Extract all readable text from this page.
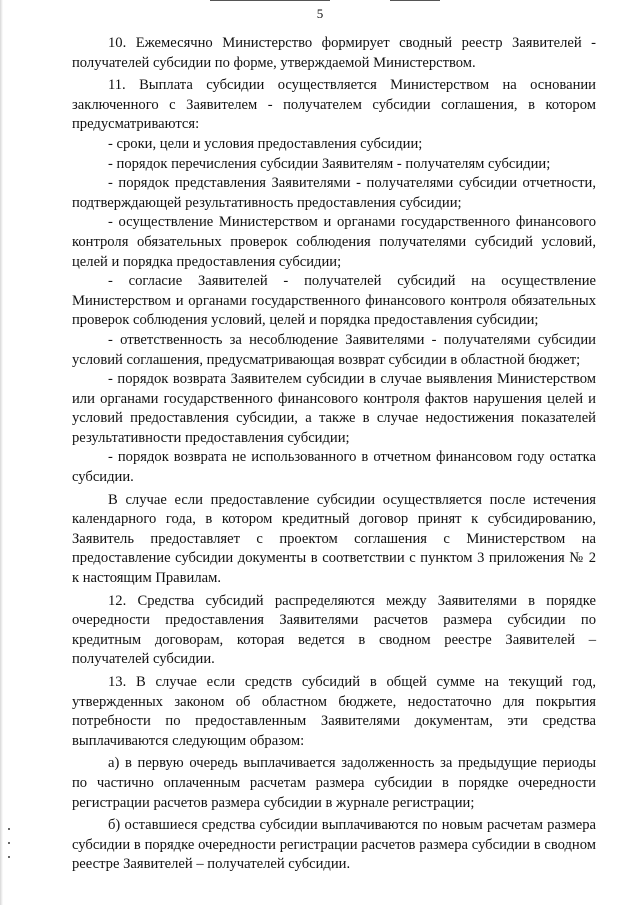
5

10. Ежемесячно Министерство формирует сводный реестр Заявителей - получателей субсидии по форме, утверждаемой Министерством.

11. Выплата субсидии осуществляется Министерством на основании заключенного с Заявителем - получателем субсидии соглашения, в котором предусматриваются:

- сроки, цели и условия предоставления субсидии;

- порядок перечисления субсидии Заявителям - получателям субсидии;

- порядок представления Заявителями - получателями субсидии отчетности, подтверждающей результативность предоставления субсидии;

- осуществление Министерством и органами государственного финансового контроля обязательных проверок соблюдения получателями субсидий условий, целей и порядка предоставления субсидии;

- согласие Заявителей - получателей субсидий на осуществление Министерством и органами государственного финансового контроля обязательных проверок соблюдения условий, целей и порядка предоставления субсидии;

- ответственность за несоблюдение Заявителями - получателями субсидии условий соглашения, предусматривающая возврат субсидии в областной бюджет;

- порядок возврата Заявителем субсидии в случае выявления Министерством или органами государственного финансового контроля фактов нарушения целей и условий предоставления субсидии, а также в случае недостижения показателей результативности предоставления субсидии;

- порядок возврата не использованного в отчетном финансовом году остатка субсидии.

В случае если предоставление субсидии осуществляется после истечения календарного года, в котором кредитный договор принят к субсидированию, Заявитель предоставляет с проектом соглашения с Министерством на предоставление субсидии документы в соответствии с пунктом 3 приложения № 2 к настоящим Правилам.

12. Средства субсидий распределяются между Заявителями в порядке очередности предоставления Заявителями расчетов размера субсидии по кредитным договорам, которая ведется в сводном реестре Заявителей – получателей субсидии.

13. В случае если средств субсидий в общей сумме на текущий год, утвержденных законом об областном бюджете, недостаточно для покрытия потребности по предоставленным Заявителями документам, эти средства выплачиваются следующим образом:

а) в первую очередь выплачивается задолженность за предыдущие периоды по частично оплаченным расчетам размера субсидии в порядке очередности регистрации расчетов размера субсидии в журнале регистрации;

б) оставшиеся средства субсидии выплачиваются по новым расчетам размера субсидии в порядке очередности регистрации расчетов размера субсидии в сводном реестре Заявителей – получателей субсидии.
